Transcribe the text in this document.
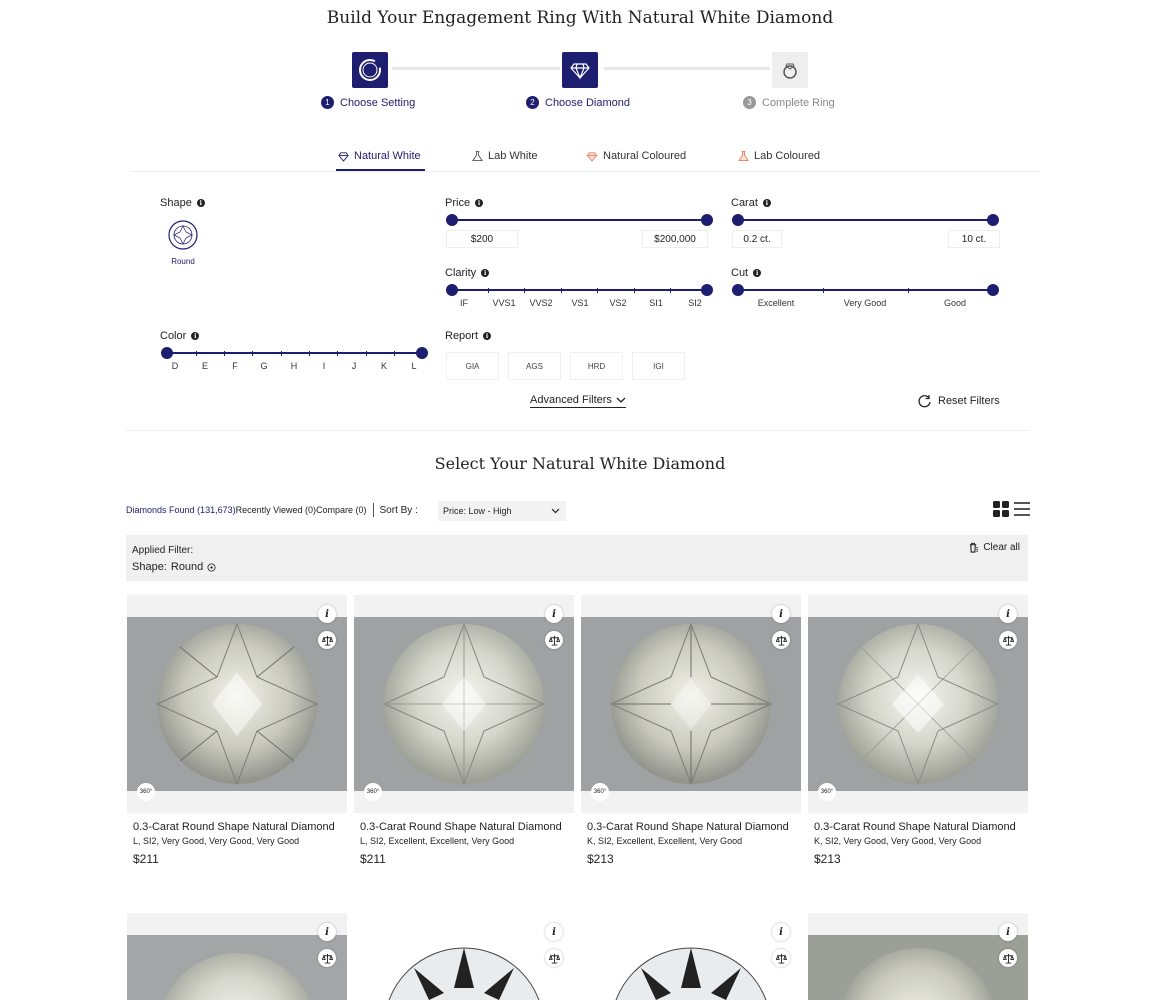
Build Your Engagement Ring With Natural White Diamond
1 Choose Setting	2 Choose Diamond	3 Complete Ring
Natural White	Lab White	Natural Coloured	Lab Coloured
Shape	i
Round
Price	i
$200	$200,000
Carat	i
0.2 ct.	10 ct.
Clarity	i
IF	VVS1	VVS2	VS1	VS2	SI1	SI2
Cut	i
Excellent	Very Good	Good
Color	i
D	E	F	G	H	I	J	K	L
Report	i
GIA	AGS	HRD	IGI
Advanced Filters	Reset Filters
Select Your Natural White Diamond
Diamonds Found (131,673) Recently Viewed (0) Compare (0) Sort By :	Price: Low - High
Applied Filter:
Shape: Round
Clear all
i
360°
0.3-Carat Round Shape Natural Diamond
L, SI2, Very Good, Very Good, Very Good
$211
i
360°
0.3-Carat Round Shape Natural Diamond
L, SI2, Excellent, Excellent, Very Good
$211
i
360°
0.3-Carat Round Shape Natural Diamond
K, SI2, Excellent, Excellent, Very Good
$213
i
360°
0.3-Carat Round Shape Natural Diamond
K, SI2, Very Good, Very Good, Very Good
$213
i	i	i	i
